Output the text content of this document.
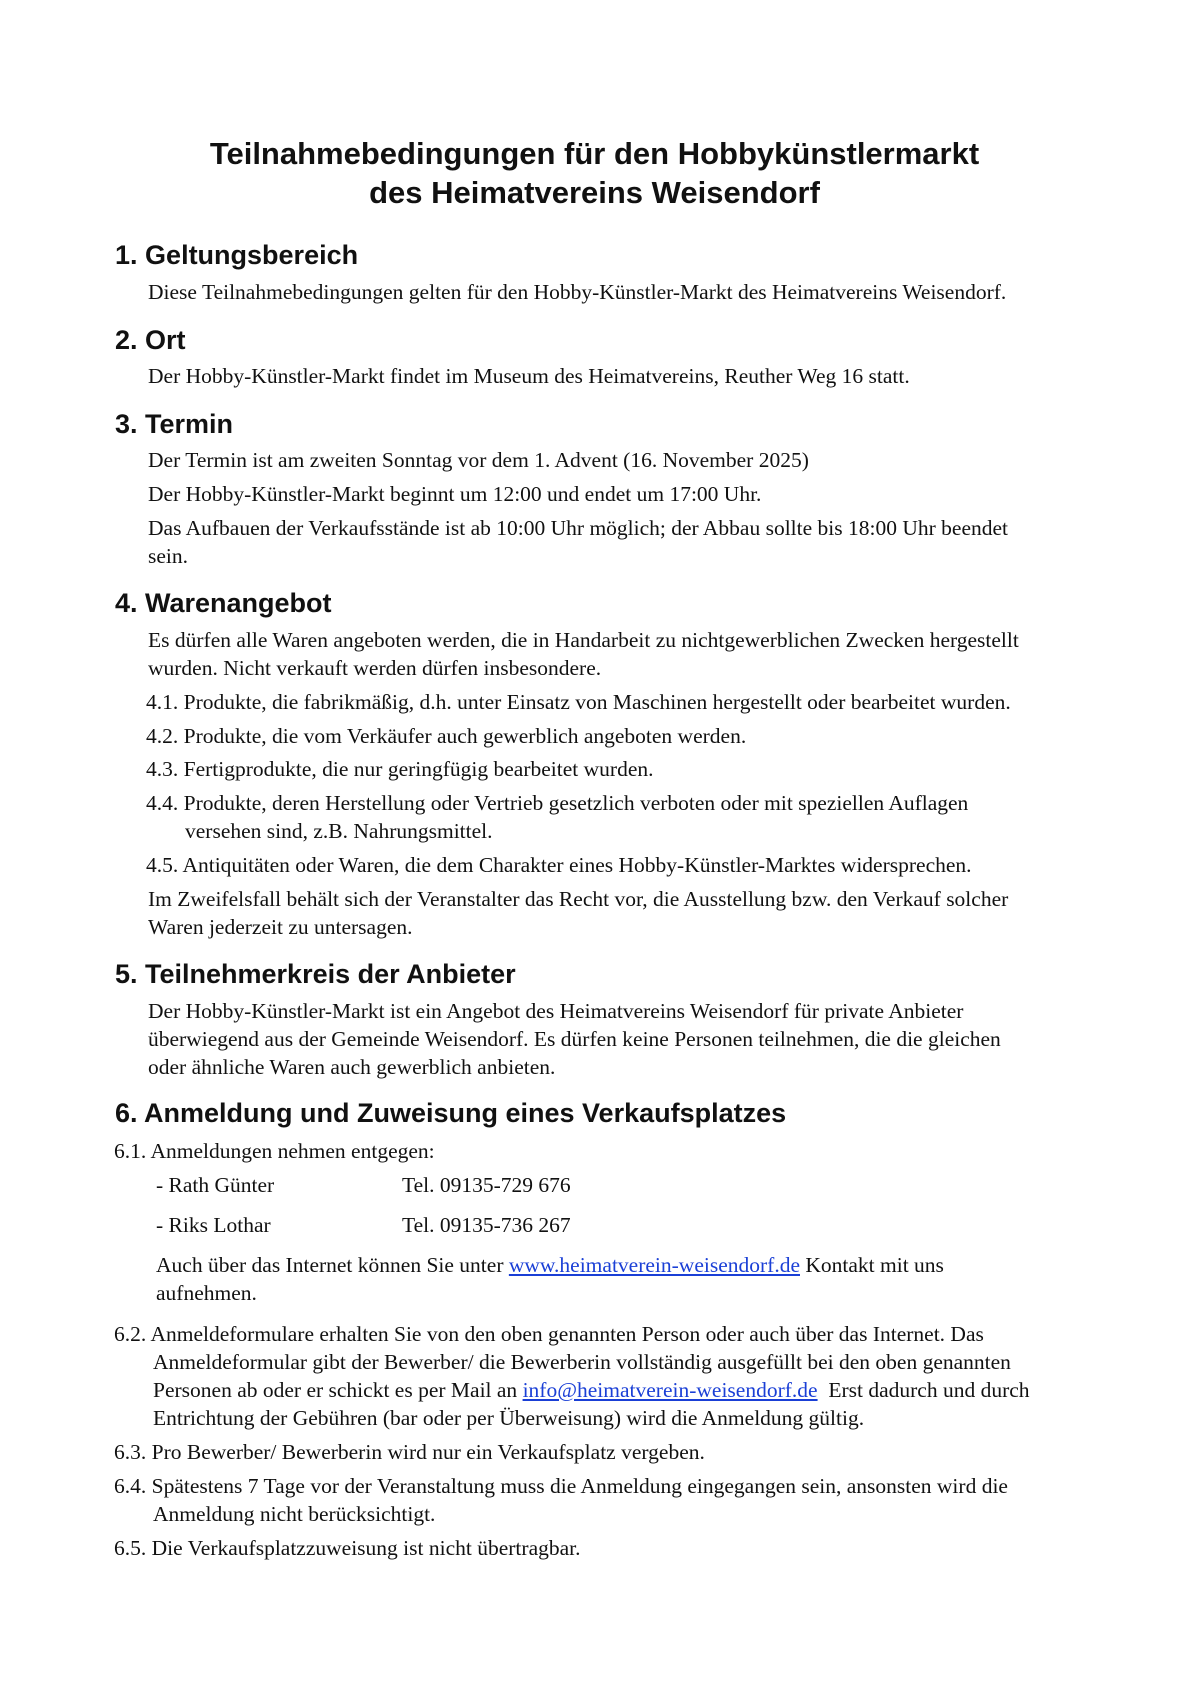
Teilnahmebedingungen für den Hobbykünstlermarkt
des Heimatvereins Weisendorf
1. Geltungsbereich

Diese Teilnahmebedingungen gelten für den Hobby-Künstler-Markt des Heimatvereins Weisendorf.

2. Ort

Der Hobby-Künstler-Markt findet im Museum des Heimatvereins, Reuther Weg 16 statt.

3. Termin

Der Termin ist am zweiten Sonntag vor dem 1. Advent (16. November 2025)

Der Hobby-Künstler-Markt beginnt um 12:00 und endet um 17:00 Uhr.

Das Aufbauen der Verkaufsstände ist ab 10:00 Uhr möglich; der Abbau sollte bis 18:00 Uhr beendet

sein.

4. Warenangebot

Es dürfen alle Waren angeboten werden, die in Handarbeit zu nichtgewerblichen Zwecken hergestellt

wurden. Nicht verkauft werden dürfen insbesondere.

4.1. Produkte, die fabrikmäßig, d.h. unter Einsatz von Maschinen hergestellt oder bearbeitet wurden.

4.2. Produkte, die vom Verkäufer auch gewerblich angeboten werden.

4.3. Fertigprodukte, die nur geringfügig bearbeitet wurden.

4.4. Produkte, deren Herstellung oder Vertrieb gesetzlich verboten oder mit speziellen Auflagen

versehen sind, z.B. Nahrungsmittel.

4.5. Antiquitäten oder Waren, die dem Charakter eines Hobby-Künstler-Marktes widersprechen.

Im Zweifelsfall behält sich der Veranstalter das Recht vor, die Ausstellung bzw. den Verkauf solcher

Waren jederzeit zu untersagen.

5. Teilnehmerkreis der Anbieter

Der Hobby-Künstler-Markt ist ein Angebot des Heimatvereins Weisendorf für private Anbieter

überwiegend aus der Gemeinde Weisendorf. Es dürfen keine Personen teilnehmen, die die gleichen

oder ähnliche Waren auch gewerblich anbieten.

6. Anmeldung und Zuweisung eines Verkaufsplatzes

6.1. Anmeldungen nehmen entgegen:

- Rath Günter	Tel. 09135-729 676

- Riks Lothar	Tel. 09135-736 267

Auch über das Internet können Sie unter www.heimatverein-weisendorf.de Kontakt mit uns

aufnehmen.

6.2. Anmeldeformulare erhalten Sie von den oben genannten Person oder auch über das Internet. Das

Anmeldeformular gibt der Bewerber/ die Bewerberin vollständig ausgefüllt bei den oben genannten

Personen ab oder er schickt es per Mail an info@heimatverein-weisendorf.de  Erst dadurch und durch

Entrichtung der Gebühren (bar oder per Überweisung) wird die Anmeldung gültig.

6.3. Pro Bewerber/ Bewerberin wird nur ein Verkaufsplatz vergeben.

6.4. Spätestens 7 Tage vor der Veranstaltung muss die Anmeldung eingegangen sein, ansonsten wird die

Anmeldung nicht berücksichtigt.

6.5. Die Verkaufsplatzzuweisung ist nicht übertragbar.
